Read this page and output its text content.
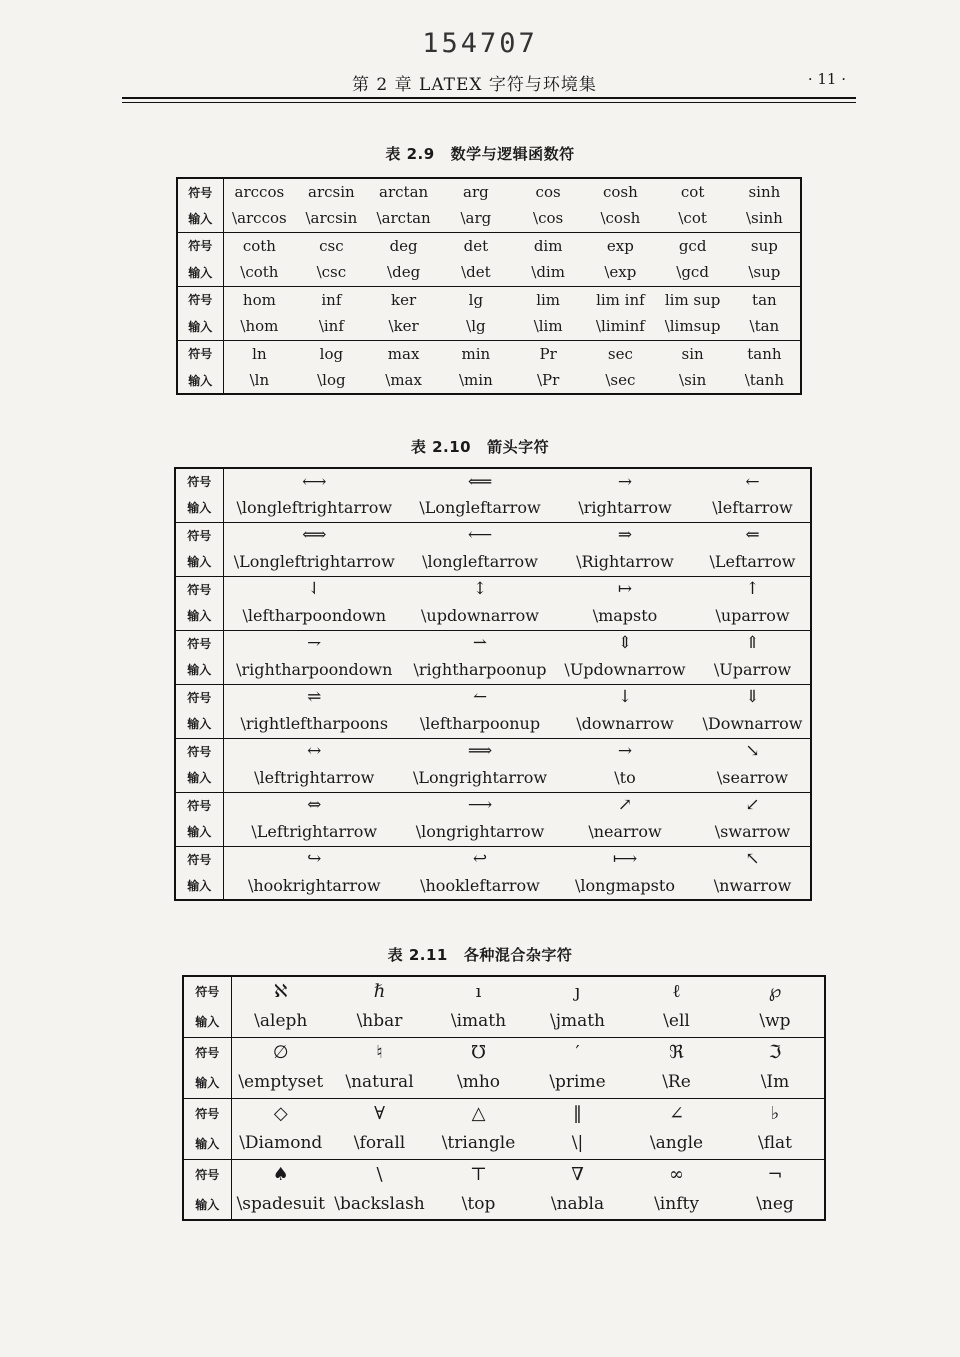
154707
第 2 章 LATEX 字符与环境集	· 11 ·
表 2.9 数学与逻辑函数符
符号	arccos	arcsin	arctan	arg	cos	cosh	cot	sinh
输入	\arccos	\arcsin	\arctan	\arg	\cos	\cosh	\cot	\sinh
符号	coth	csc	deg	det	dim	exp	gcd	sup
输入	\coth	\csc	\deg	\det	\dim	\exp	\gcd	\sup
符号	hom	inf	ker	lg	lim	lim inf	lim sup	tan
输入	\hom	\inf	\ker	\lg	\lim	\liminf	\limsup	\tan
符号	ln	log	max	min	Pr	sec	sin	tanh
输入	\ln	\log	\max	\min	\Pr	\sec	\sin	\tanh
表 2.10 箭头字符
符号	⟷	⟸	→	←
输入	\longleftrightarrow	\Longleftarrow	\rightarrow	\leftarrow
符号	⟺	⟵	⇒	⇐
输入	\Longleftrightarrow	\longleftarrow	\Rightarrow	\Leftarrow
符号	⇃	↕	↦	↑
输入	\leftharpoondown	\updownarrow	\mapsto	\uparrow
符号	⇁	⇀	⇕	⇑
输入	\rightharpoondown	\rightharpoonup	\Updownarrow	\Uparrow
符号	⇌	↼	↓	⇓
输入	\rightleftharpoons	\leftharpoonup	\downarrow	\Downarrow
符号	↔	⟹	→	↘
输入	\leftrightarrow	\Longrightarrow	\to	\searrow
符号	⇔	⟶	↗	↙
输入	\Leftrightarrow	\longrightarrow	\nearrow	\swarrow
符号	↪	↩	⟼	↖
输入	\hookrightarrow	\hookleftarrow	\longmapsto	\nwarrow
表 2.11 各种混合杂字符
符号	ℵ	ℏ	ı	ȷ	ℓ	℘
输入	\aleph	\hbar	\imath	\jmath	\ell	\wp
符号	∅	♮	℧	′	ℜ	ℑ
输入	\emptyset	\natural	\mho	\prime	\Re	\Im
符号	◇	∀	△	‖	∠	♭
输入	\Diamond	\forall	\triangle	\|	\angle	\flat
符号	♠	\	⊤	∇	∞	¬
输入	\spadesuit	\backslash	\top	\nabla	\infty	\neg
